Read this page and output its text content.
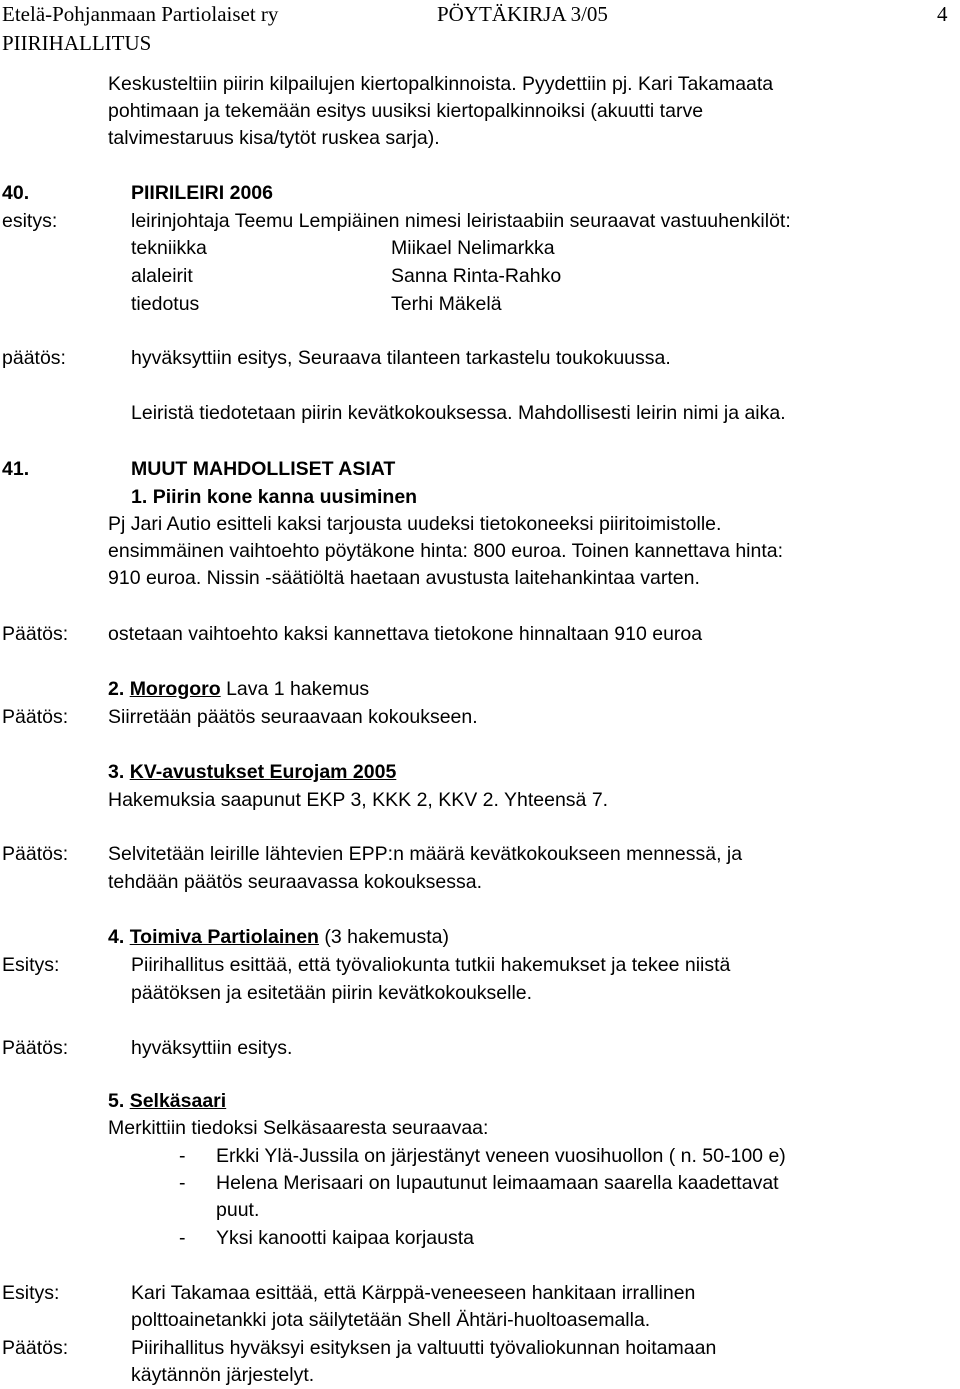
Etelä-Pohjanmaan Partiolaiset ry	PÖYTÄKIRJA 3/05	4
PIIRIHALLITUS
Keskusteltiin piirin kilpailujen kiertopalkinnoista. Pyydettiin pj. Kari Takamaata
pohtimaan ja tekemään esitys uusiksi kiertopalkinnoiksi (akuutti tarve
talvimestaruus kisa/tytöt ruskea sarja).
40.	PIIRILEIRI 2006
esitys:	leirinjohtaja Teemu Lempiäinen nimesi leiristaabiin seuraavat vastuuhenkilöt:
tekniikka	Miikael Nelimarkka
alaleirit	Sanna Rinta-Rahko
tiedotus	Terhi Mäkelä
päätös:	hyväksyttiin esitys, Seuraava tilanteen tarkastelu toukokuussa.
Leiristä tiedotetaan piirin kevätkokouksessa. Mahdollisesti leirin nimi ja aika.
41.	MUUT MAHDOLLISET ASIAT
1. Piirin kone kanna uusiminen
Pj Jari Autio esitteli kaksi tarjousta uudeksi tietokoneeksi piiritoimistolle.
ensimmäinen vaihtoehto pöytäkone hinta: 800 euroa. Toinen kannettava hinta:
910 euroa. Nissin -säätiöltä haetaan avustusta laitehankintaa varten.
Päätös: ostetaan vaihtoehto kaksi kannettava tietokone hinnaltaan 910 euroa
2. Morogoro Lava 1 hakemus
Päätös: Siirretään päätös seuraavaan kokoukseen.
3. KV-avustukset Eurojam 2005
Hakemuksia saapunut EKP 3, KKK 2, KKV 2. Yhteensä 7.
Päätös: Selvitetään leirille lähtevien EPP:n määrä kevätkokoukseen mennessä, ja
tehdään päätös seuraavassa kokouksessa.
4. Toimiva Partiolainen (3 hakemusta)
Esitys:	Piirihallitus esittää, että työvaliokunta tutkii hakemukset ja tekee niistä
päätöksen ja esitetään piirin kevätkokoukselle.
Päätös:	hyväksyttiin esitys.
5. Selkäsaari
Merkittiin tiedoksi Selkäsaaresta seuraavaa:
- Erkki Ylä-Jussila on järjestänyt veneen vuosihuollon ( n. 50-100 e)
- Helena Merisaari on lupautunut leimaamaan saarella kaadettavat
puut.
- Yksi kanootti kaipaa korjausta
Esitys:	Kari Takamaa esittää, että Kärppä-veneeseen hankitaan irrallinen
polttoainetankki jota säilytetään Shell Ähtäri-huoltoasemalla.
Päätös:	Piirihallitus hyväksyi esityksen ja valtuutti työvaliokunnan hoitamaan
käytännön järjestelyt.
